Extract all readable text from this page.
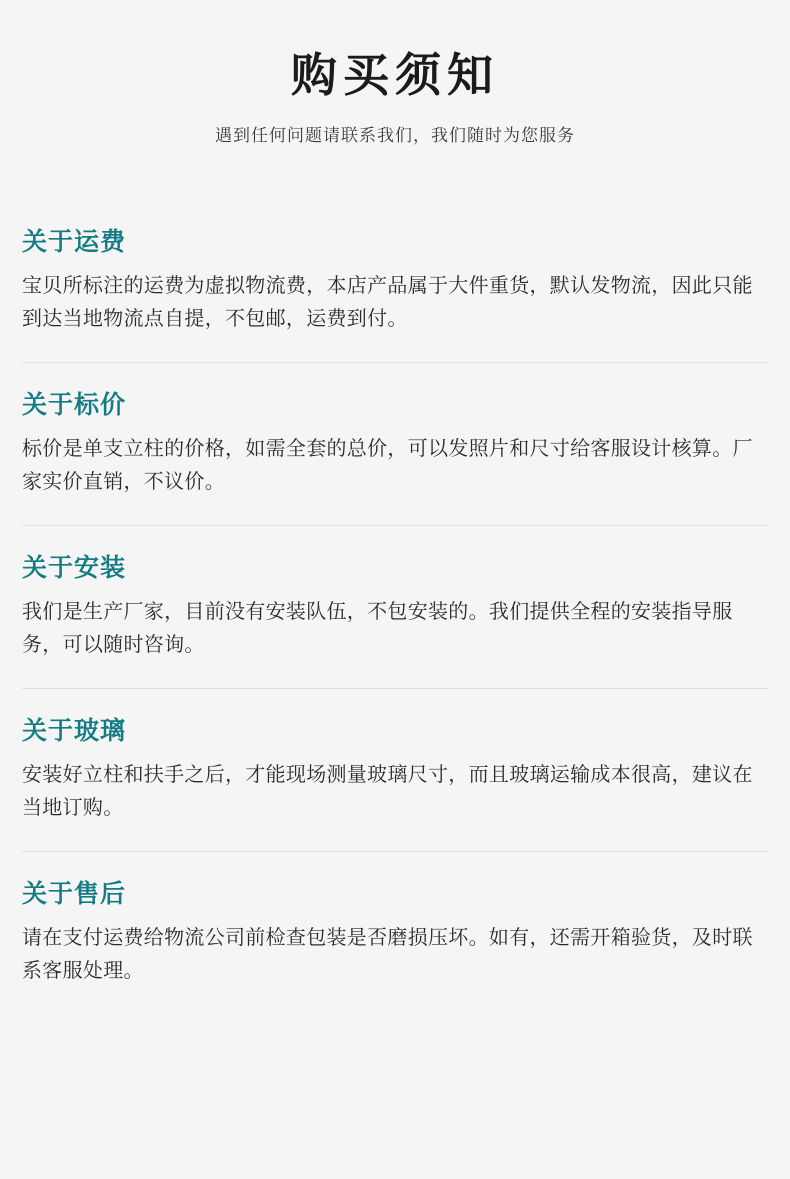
购买须知

遇到任何问题请联系我们，我们随时为您服务

关于运费

宝贝所标注的运费为虚拟物流费，本店产品属于大件重货，默认发物流，因此只能到达当地物流点自提，不包邮，运费到付。

关于标价

标价是单支立柱的价格，如需全套的总价，可以发照片和尺寸给客服设计核算。厂家实价直销，不议价。

关于安装

我们是生产厂家，目前没有安装队伍，不包安装的。我们提供全程的安装指导服务，可以随时咨询。

关于玻璃

安装好立柱和扶手之后，才能现场测量玻璃尺寸，而且玻璃运输成本很高，建议在当地订购。

关于售后

请在支付运费给物流公司前检查包装是否磨损压坏。如有，还需开箱验货，及时联系客服处理。
